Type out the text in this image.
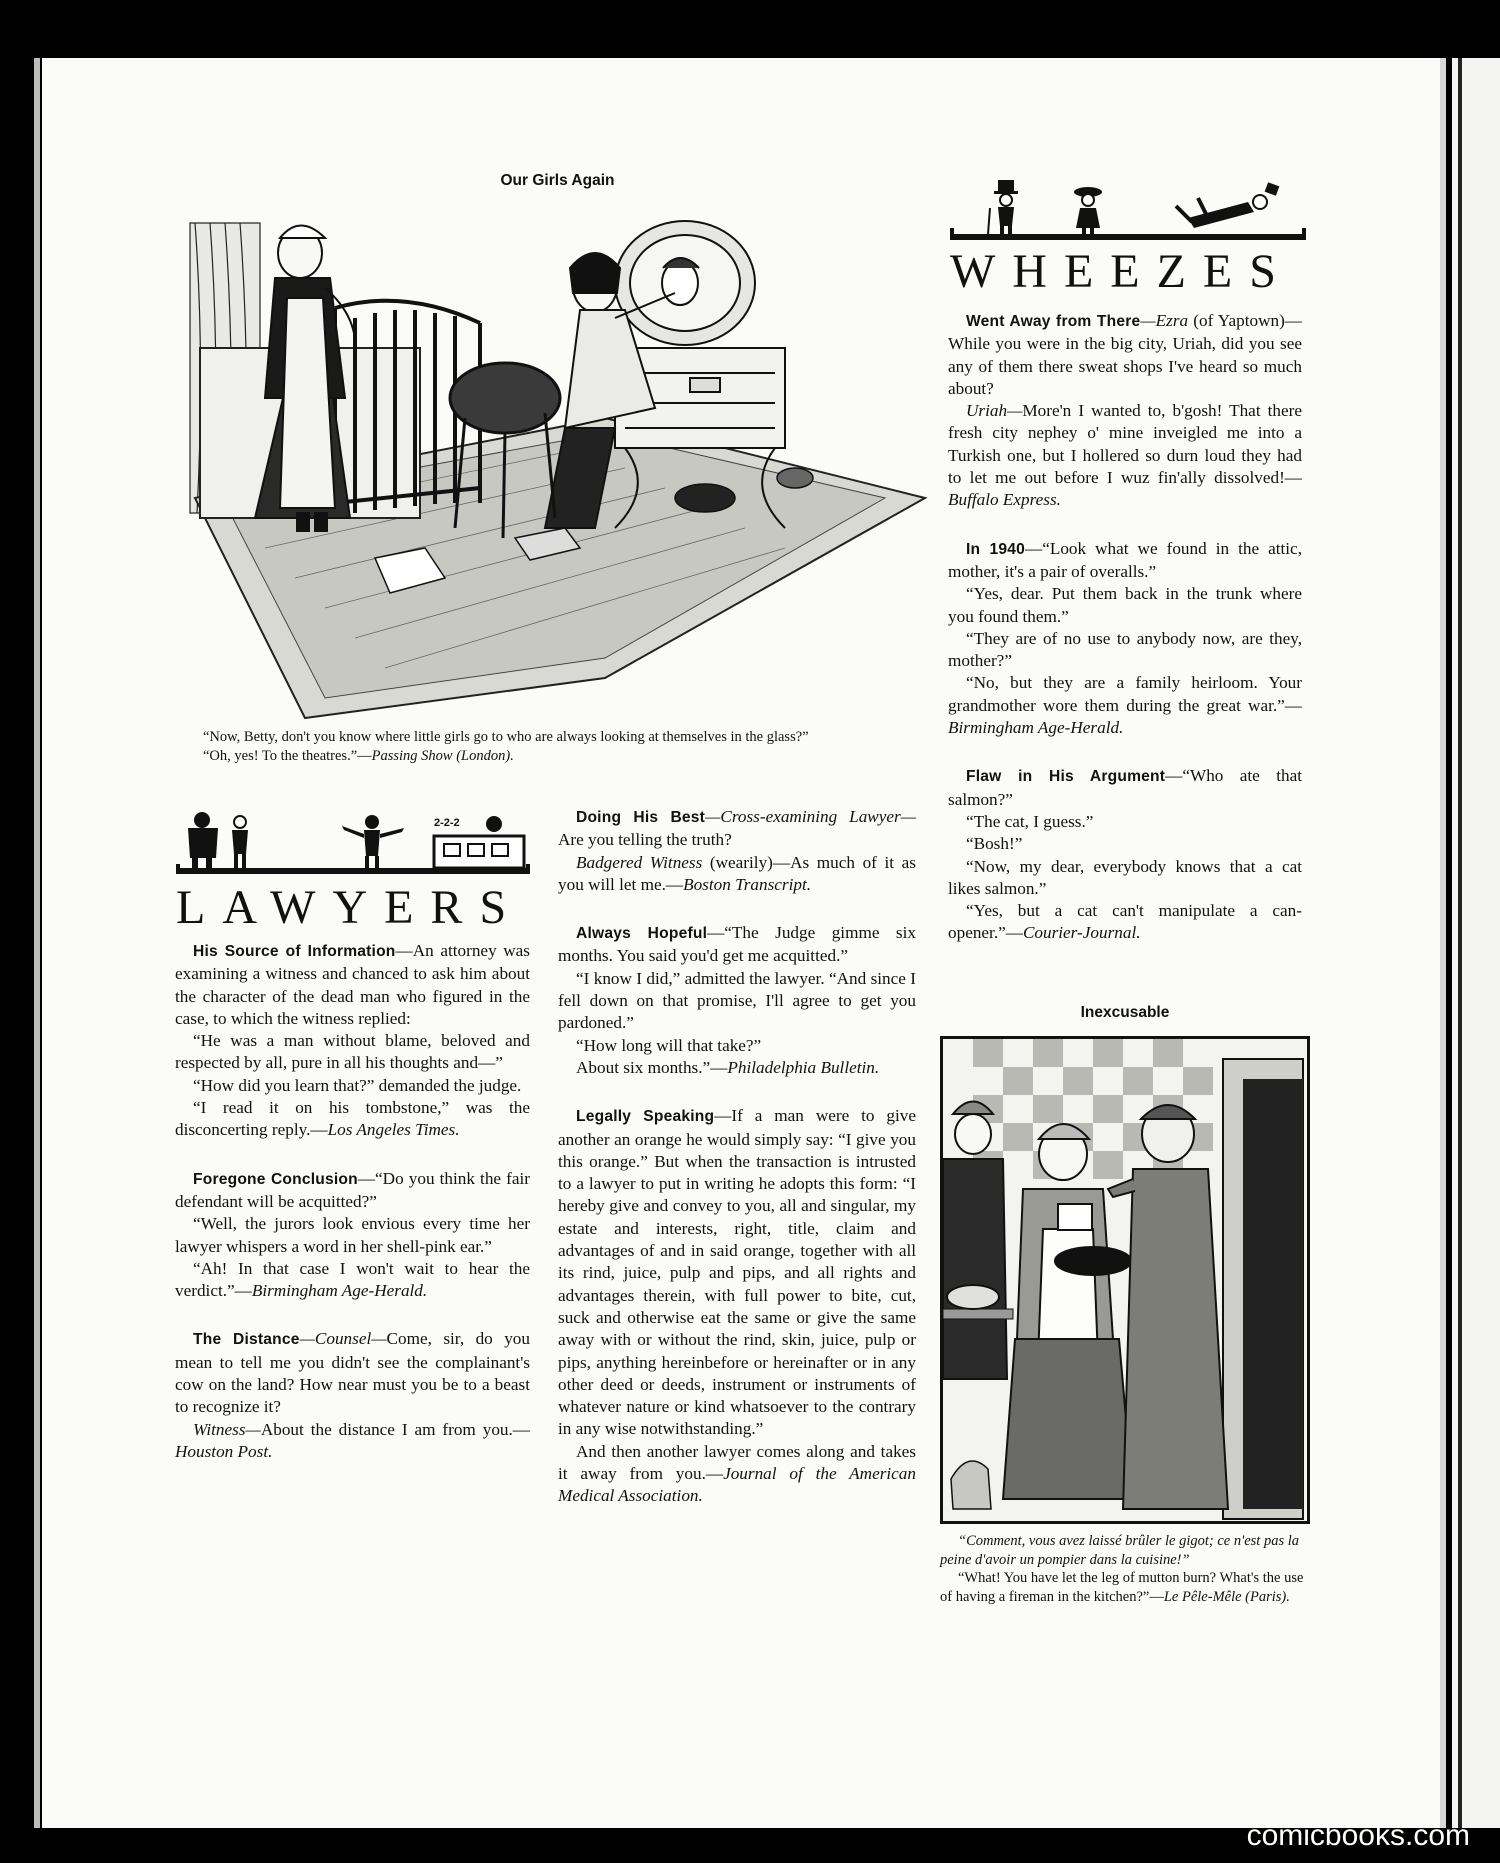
Our Girls Again

“Now, Betty, don't you know where little girls go to who are always looking at themselves in the glass?”

“Oh, yes! To the theatres.”—Passing Show (London).

2-2-2
LAWYERS

His Source of Information—An attorney was examining a witness and chanced to ask him about the character of the dead man who figured in the case, to which the witness replied:

“He was a man without blame, beloved and respected by all, pure in all his thoughts and—”

“How did you learn that?” demanded the judge.

“I read it on his tombstone,” was the disconcerting reply.—Los Angeles Times.

Foregone Conclusion—“Do you think the fair defendant will be acquitted?”

“Well, the jurors look envious every time her lawyer whispers a word in her shell-pink ear.”

“Ah! In that case I won't wait to hear the verdict.”—Birmingham Age-Herald.

The Distance—Counsel—Come, sir, do you mean to tell me you didn't see the complainant's cow on the land? How near must you be to a beast to recognize it?

Witness—About the distance I am from you.—Houston Post.

Doing His Best—Cross-examining Lawyer—Are you telling the truth?

Badgered Witness (wearily)—As much of it as you will let me.—Boston Transcript.

Always Hopeful—“The Judge gimme six months. You said you'd get me acquitted.”

“I know I did,” admitted the lawyer. “And since I fell down on that promise, I'll agree to get you pardoned.”

“How long will that take?”

About six months.”—Philadelphia Bulletin.

Legally Speaking—If a man were to give another an orange he would simply say: “I give you this orange.” But when the transaction is intrusted to a lawyer to put in writing he adopts this form: “I hereby give and convey to you, all and singular, my estate and interests, right, title, claim and advantages of and in said orange, together with all its rind, juice, pulp and pips, and all rights and advantages therein, with full power to bite, cut, suck and otherwise eat the same or give the same away with or without the rind, skin, juice, pulp or pips, anything hereinbefore or hereinafter or in any other deed or deeds, instrument or instruments of whatever nature or kind whatsoever to the contrary in any wise notwithstanding.”

And then another lawyer comes along and takes it away from you.—Journal of the American Medical Association.

WHEEZES

Went Away from There—Ezra (of Yaptown)—While you were in the big city, Uriah, did you see any of them there sweat shops I've heard so much about?

Uriah—More'n I wanted to, b'gosh! That there fresh city nephey o' mine inveigled me into a Turkish one, but I hollered so durn loud they had to let me out before I wuz fin'ally dissolved!—Buffalo Express.

In 1940—“Look what we found in the attic, mother, it's a pair of overalls.”

“Yes, dear. Put them back in the trunk where you found them.”

“They are of no use to anybody now, are they, mother?”

“No, but they are a family heirloom. Your grandmother wore them during the great war.”—Birmingham Age-Herald.

Flaw in His Argument—“Who ate that salmon?”

“The cat, I guess.”

“Bosh!”

“Now, my dear, everybody knows that a cat likes salmon.”

“Yes, but a cat can't manipulate a can-opener.”—Courier-Journal.

Inexcusable

“Comment, vous avez laissé brûler le gigot; ce n'est pas la peine d'avoir un pompier dans la cuisine!”

“What! You have let the leg of mutton burn? What's the use of having a fireman in the kitchen?”—Le Pêle-Mêle (Paris).

comicbooks.com
